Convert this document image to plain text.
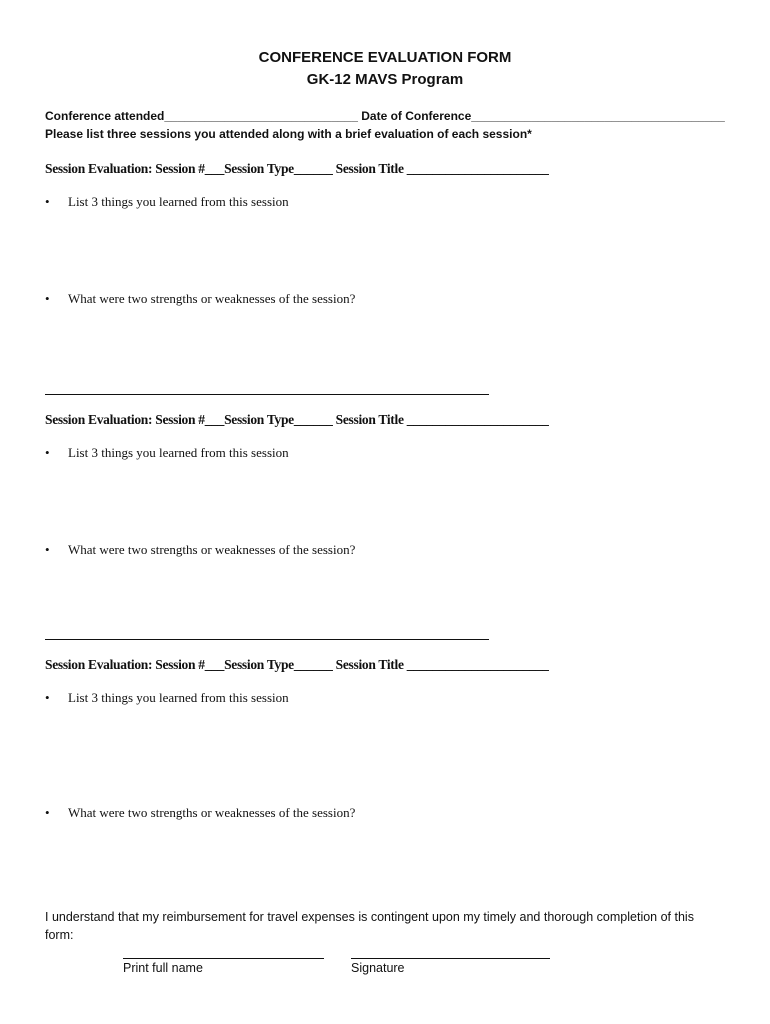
CONFERENCE EVALUATION FORM
GK-12 MAVS Program
Conference attended_____________________________ Date of Conference______________________________________
Please list three sessions you attended along with a brief evaluation of each session*
Session Evaluation: Session #___Session Type______ Session Title ______________________
• List 3 things you learned from this session
• What were two strengths or weaknesses of the session?
Session Evaluation: Session #___Session Type______ Session Title ______________________
• List 3 things you learned from this session
• What were two strengths or weaknesses of the session?
Session Evaluation: Session #___Session Type______ Session Title ______________________
• List 3 things you learned from this session
• What were two strengths or weaknesses of the session?
I understand that my reimbursement for travel expenses is contingent upon my timely and thorough completion of this
form:
Print full name	Signature
